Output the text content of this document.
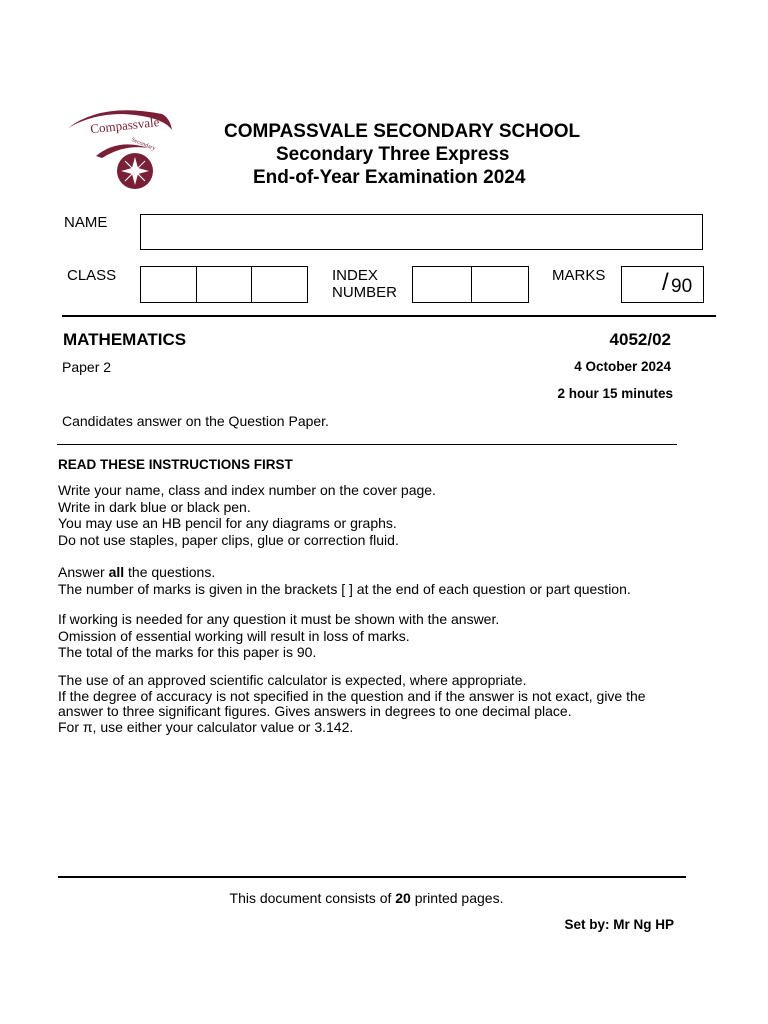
Compassvale
Secondary
COMPASSVALE SECONDARY SCHOOL
Secondary Three Express
End-of-Year Examination 2024
NAME
CLASS	INDEX
NUMBER
MARKS / 90
MATHEMATICS	4052/02
Paper 2	4 October 2024
2 hour 15 minutes
Candidates answer on the Question Paper.
READ THESE INSTRUCTIONS FIRST
Write your name, class and index number on the cover page.
Write in dark blue or black pen.
You may use an HB pencil for any diagrams or graphs.
Do not use staples, paper clips, glue or correction fluid.
Answer all the questions.
The number of marks is given in the brackets [ ] at the end of each question or part question.
If working is needed for any question it must be shown with the answer.
Omission of essential working will result in loss of marks.
The total of the marks for this paper is 90.
The use of an approved scientific calculator is expected, where appropriate.
If the degree of accuracy is not specified in the question and if the answer is not exact, give the
answer to three significant figures. Gives answers in degrees to one decimal place.
For π, use either your calculator value or 3.142.
This document consists of 20 printed pages.
Set by: Mr Ng HP
